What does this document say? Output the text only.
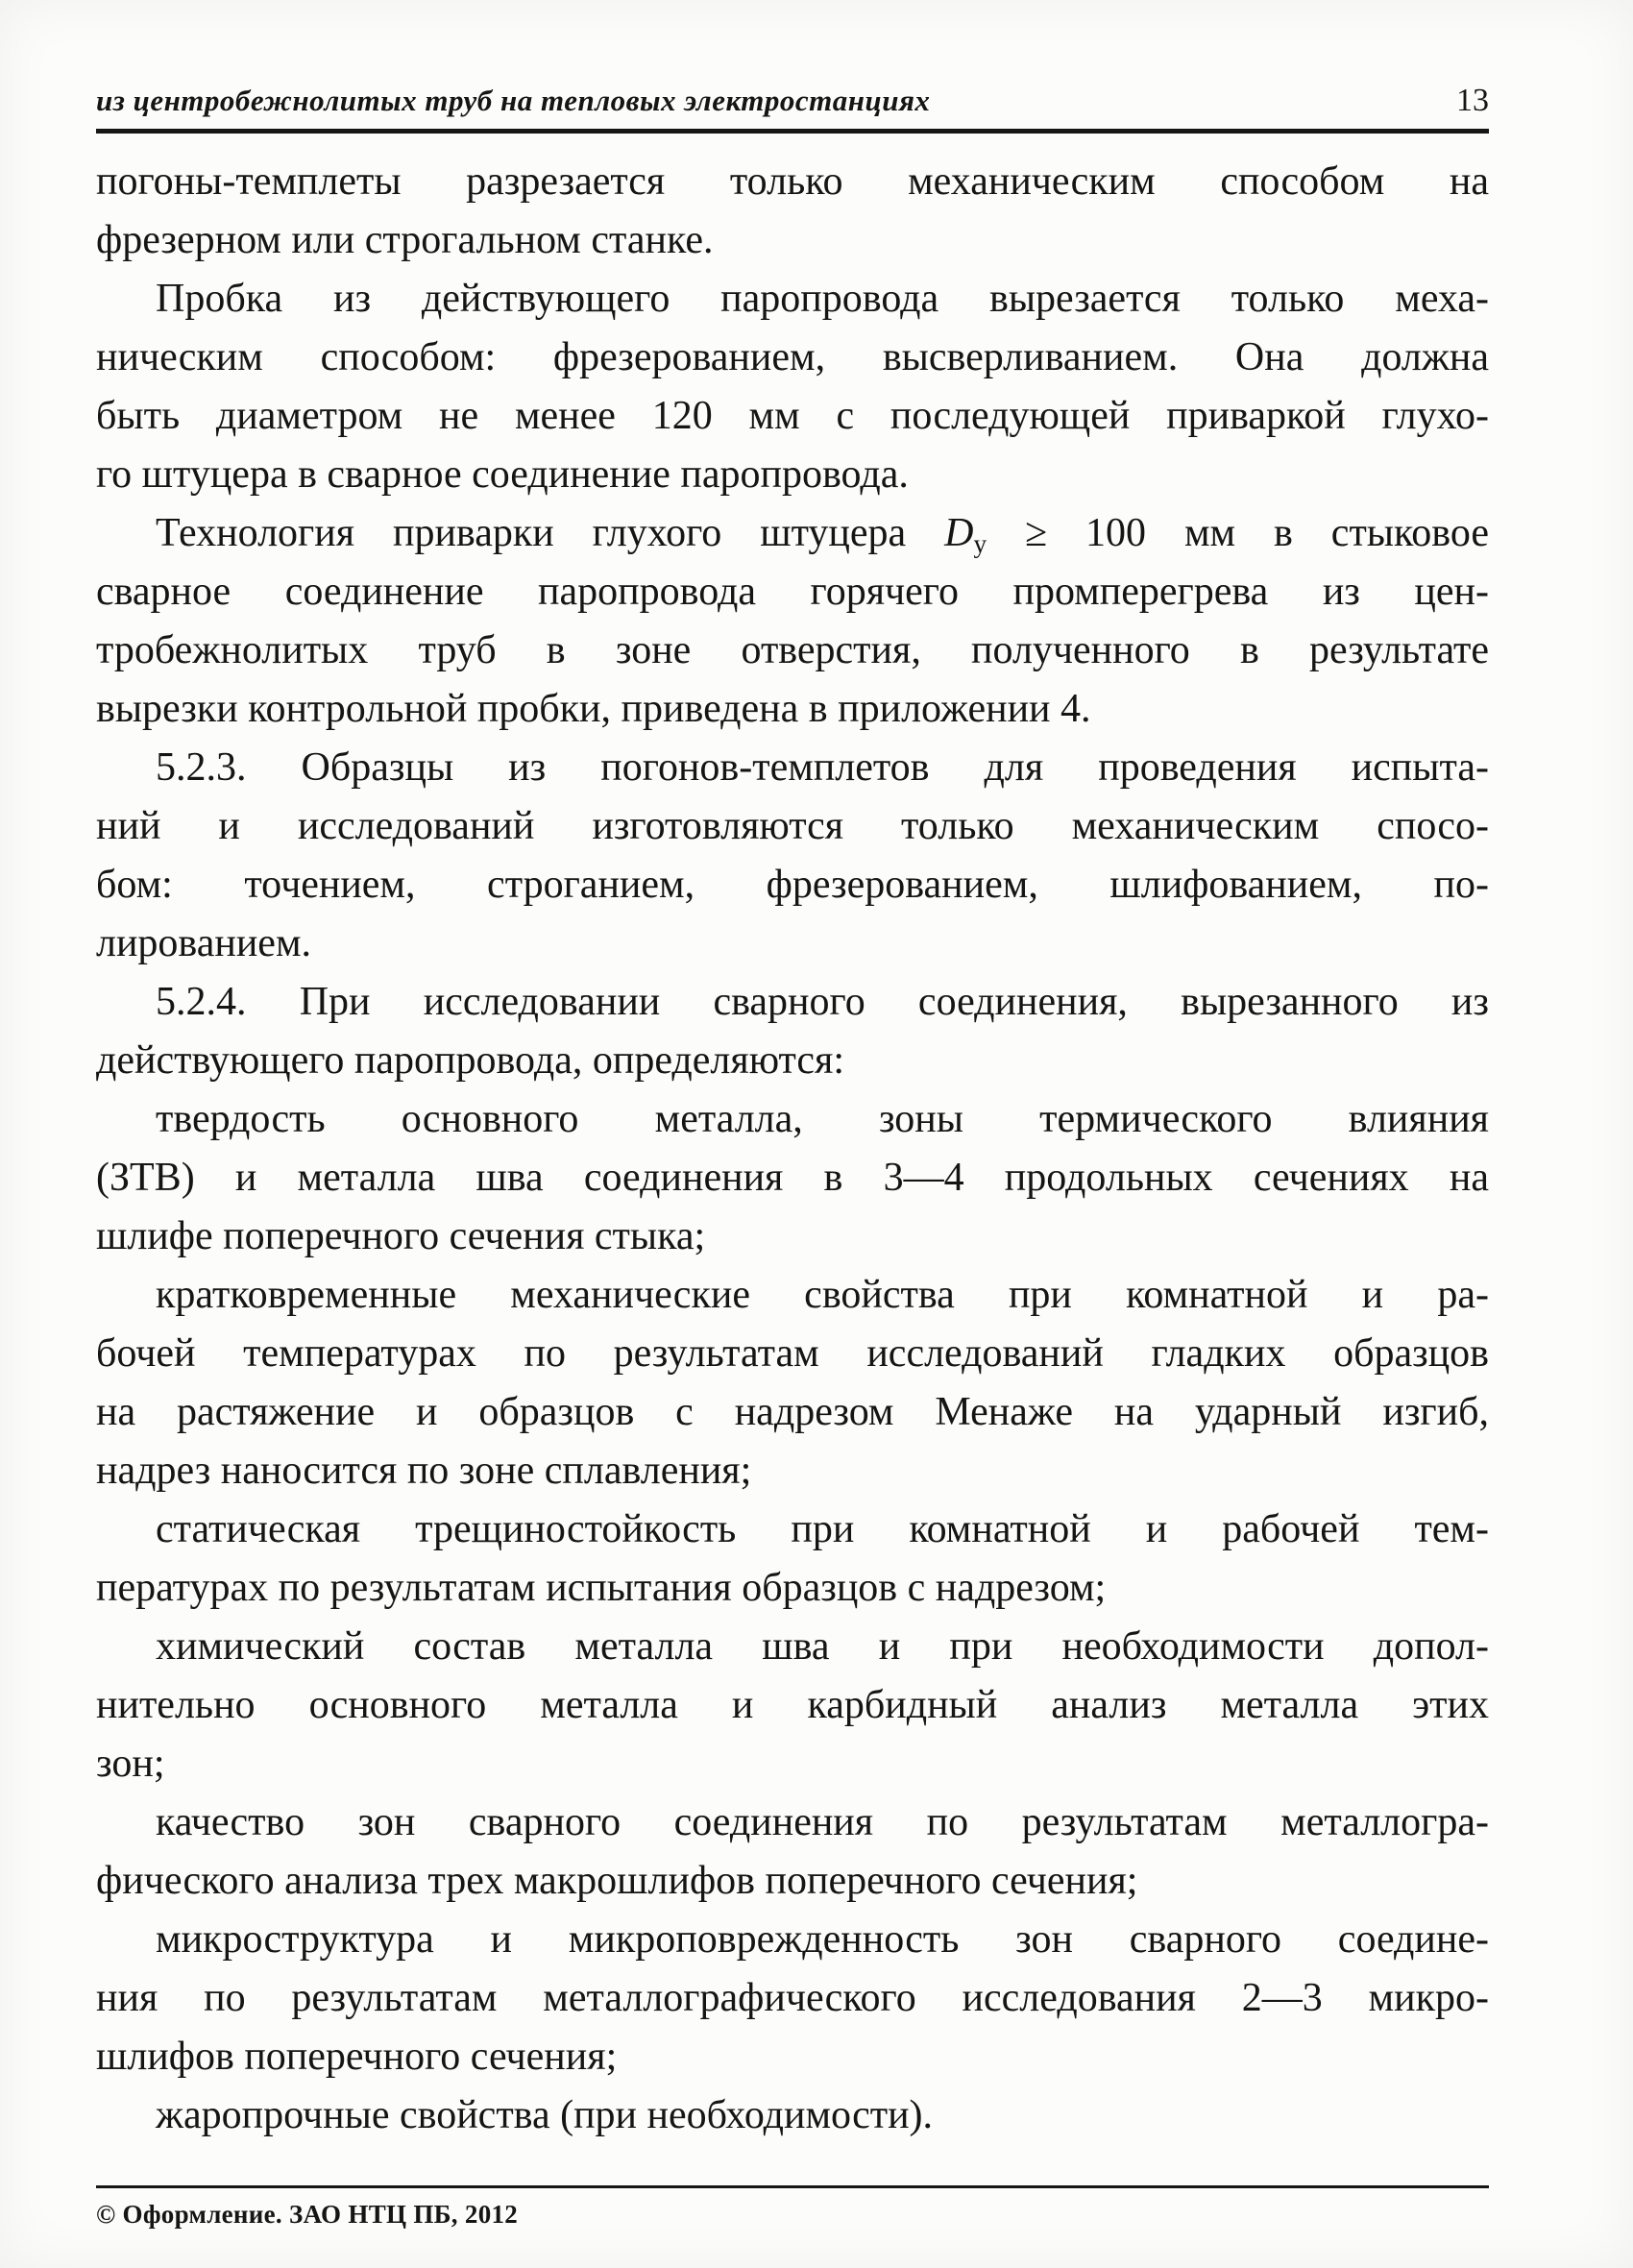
из центробежнолитых труб на тепловых электростанциях	13

погоны-темплеты разрезается только механическим способом на
фрезерном или строгальном станке.

Пробка из действующего паропровода вырезается только меха-
ническим способом: фрезерованием, высверливанием. Она должна
быть диаметром не менее 120 мм с последующей приваркой глухо-
го штуцера в сварное соединение паропровода.

Технология приварки глухого штуцера $D_у \ge 100$ мм в стыковое
сварное соединение паропровода горячего промперегрева из цен-
тробежнолитых труб в зоне отверстия, полученного в результате
вырезки контрольной пробки, приведена в приложении 4.

5.2.3. Образцы из погонов-темплетов для проведения испыта-
ний и исследований изготовляются только механическим спосо-
бом: точением, строганием, фрезерованием, шлифованием, по-
лированием.

5.2.4. При исследовании сварного соединения, вырезанного из
действующего паропровода, определяются:

твердость основного металла, зоны термического влияния
(ЗТВ) и металла шва соединения в 3—4 продольных сечениях на
шлифе поперечного сечения стыка;

кратковременные механические свойства при комнатной и ра-
бочей температурах по результатам исследований гладких образцов
на растяжение и образцов с надрезом Менаже на ударный изгиб,
надрез наносится по зоне сплавления;

статическая трещиностойкость при комнатной и рабочей тем-
пературах по результатам испытания образцов с надрезом;

химический состав металла шва и при необходимости допол-
нительно основного металла и карбидный анализ металла этих
зон;

качество зон сварного соединения по результатам металлогра-
фического анализа трех макрошлифов поперечного сечения;

микроструктура и микроповрежденность зон сварного соедине-
ния по результатам металлографического исследования 2—3 микро-
шлифов поперечного сечения;

жаропрочные свойства (при необходимости).

© Оформление. ЗАО НТЦ ПБ, 2012
